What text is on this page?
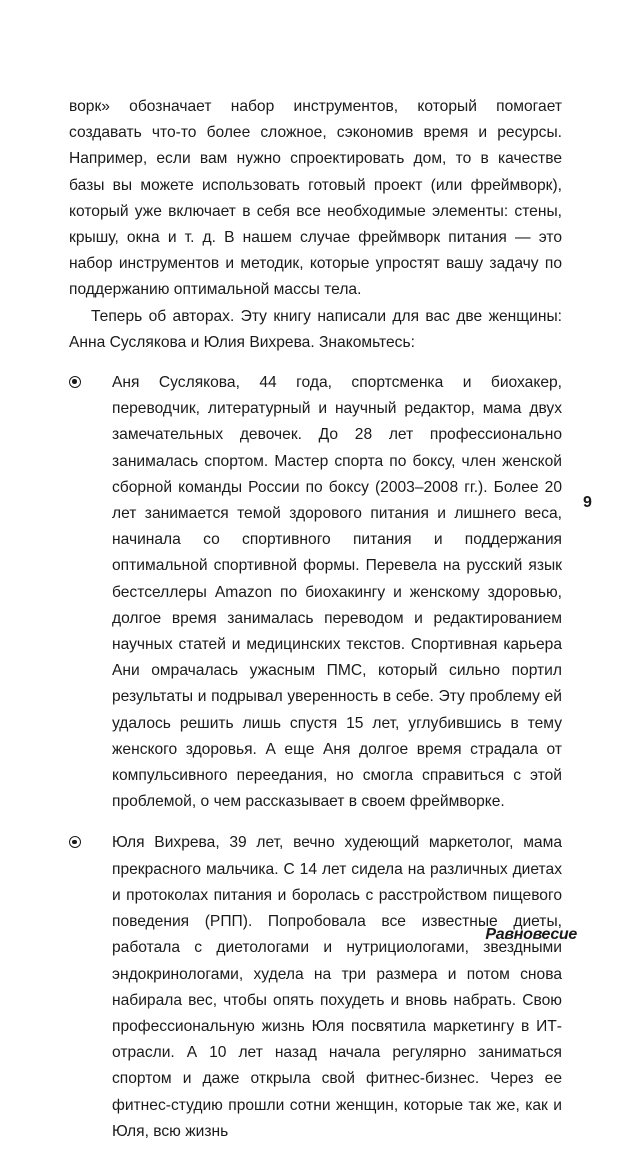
ворк» обозначает набор инструментов, который помогает создавать что-то более сложное, сэкономив время и ресурсы. Например, если вам нужно спроектировать дом, то в качестве базы вы можете использовать готовый проект (или фреймворк), который уже включает в себя все необходимые элементы: стены, крышу, окна и т. д. В нашем случае фреймворк питания — это набор инструментов и методик, которые упростят вашу задачу по поддержанию оптимальной массы тела.

Теперь об авторах. Эту книгу написали для вас две женщины: Анна Суслякова и Юлия Вихрева. Знакомьтесь:

Аня Суслякова, 44 года, спортсменка и биохакер, переводчик, литературный и научный редактор, мама двух замечательных девочек. До 28 лет профессионально занималась спортом. Мастер спорта по боксу, член женской сборной команды России по боксу (2003–2008 гг.). Более 20 лет занимается темой здорового питания и лишнего веса, начинала со спортивного питания и поддержания оптимальной спортивной формы. Перевела на русский язык бестселлеры Amazon по биохакингу и женскому здоровью, долгое время занималась переводом и редактированием научных статей и медицинских текстов. Спортивная карьера Ани омрачалась ужасным ПМС, который сильно портил результаты и подрывал уверенность в себе. Эту проблему ей удалось решить лишь спустя 15 лет, углубившись в тему женского здоровья. А еще Аня долгое время страдала от компульсивного переедания, но смогла справиться с этой проблемой, о чем рассказывает в своем фреймворке.
Юля Вихрева, 39 лет, вечно худеющий маркетолог, мама прекрасного мальчика. С 14 лет сидела на различных диетах и протоколах питания и боролась с расстройством пищевого поведения (РПП). Попробовала все известные диеты, работала с диетологами и нутрициологами, звездными эндокринологами, худела на три размера и потом снова набирала вес, чтобы опять похудеть и вновь набрать. Свою профессиональную жизнь Юля посвятила маркетингу в ИТ-отрасли. А 10 лет назад начала регулярно заниматься спортом и даже открыла свой фитнес-бизнес. Через ее фитнес-студию прошли сотни женщин, которые так же, как и Юля, всю жизнь
9
Равновесие
